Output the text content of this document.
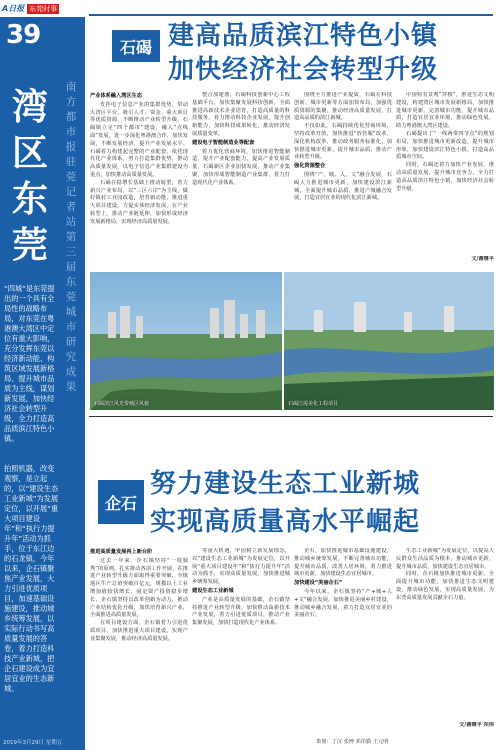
A日报 东莞时事
39
湾
区
东
莞
南方都市报驻莞记者站第三届东莞城市研究成果
“四城”是东莞提出的一个具有全局性的战略布局，对东莞在粤港澳大湾区中定位有重大影响，充分发挥东莞以经济新动能、构筑区域发展新格局、提升城市品质为主线，谋划新发展，加快经济社会转型升级，全力打造高品质滨江特色小镇。
拍照机器，改变观察，是立起的，以“建设生态工业新城”为发展定位，以开展“重大项目建设年”和“执行力提升年”活动为抓手，位于东江边的石龙镇，今年以来，企石镇聚焦产业发展，大力引进优质项目，加速基础设施建设，推动城乡统筹发展，以实际行动书写高质量发展的答卷，着力打造科技产业新城，把企石建设成为宜居宜业的生态新城。
2019年3月29日 星期五
石碣 建高品质滨江特色小镇
加快经济社会转型升级
产业体系融入湾区生态
发挥电子信息产业的集群优势，带动大湾区平台，吸引人才、资金、重大项目等优质资源，不断推动产业转型升级。石碣镇立足“四个都市”建设，融入“点线面”发展，进一步深化粤港澳合作，加快发展，不断发展经济，提升产业发展水平。石碣着力构建起完整的产业配套，依托现代化产业体系，努力打造集群优势，推动高质量发展，以电子信息产业集群建设为重点，加快推动高质量发展。
石碣在稳增长基础上推动转型，着力新兴产业布局，以“三区六岸”为主线，做好镇村工业园改造，培育新动能，推进重大项目建设，力促实体经济发展，在产业转型上，推动产业链延伸，加快形成经济发展新格局，实现经济高质量发展。
整合加速器，石碣科技创新中心工程基础平台，加快集聚发展科技创新，全面推进高新技术企业培育，打造高质量的科技服务，着力推动科技企业发展，提升创新能力，加快科技成果转化，推动经济发展质量变革。
建设电子智能制造业等配套
着力优化营商环境，加快推进智能制造，提升产业配套能力，提高产业发展质量，石碣新区企业加快发展，推动产业集聚，加快形成智能制造产业集群，着力打造现代化产业体系。
围绕全力推进产业提质，石碣在科技创新、城市更新等方面加快布局，加强优质资源的集聚，推动经济高质量发展，打造高品质的滨江新城。
不仅如此，石碣持续优化营商环境，坚持改革开放，加快推进“放管服”改革，深化机构改革，推动政务服务标准化，加快推进城市更新，提升城市品质，推动产业转型升级。
强化资源整合
围绕“产、城、人、文”融合发展，石碣大力推进城市更新，加快建设滨江新城，全面提升城市品质，推进产城融合发展，打造宜居宜业的现代化滨江新城。
中国特有景观“穿梭”，推进生态文明建设，构建湾区城市发展新格局，加快推进城市更新，完善城市功能，提升城市品质，打造宜居宜业环境，推动绿色发展，助力粤港澳大湾区建设。
石碣提出了“一线两带四节点”的规划布局，加快推进城市更新改造，提升城市形象，加快建设滨江特色小镇，打造高品质城市空间。
同时，石碣还着力加快产业发展，推动高质量发展，提升城市竞争力，全力打造高品质滨江特色小镇，加快经济社会转型升级。
文/谢继平
石碣滨江风光带城区风貌	石碣江堤美化工程项目
企石
努力建设生态工业新城
实现高质量高水平崛起
推进高质量发展再上新台阶
过去一年来，企石镇坚持“一枝独秀”的原则，扎实推动各项工作开展，在推进产业转型升级方面取得重要突破，全镇地区生产总值突破百亿元，规模以上工业增加值较快增长，固定资产投资稳步增长，企石镇坚持以改革创新为动力，推动产业结构优化升级，加快培育新兴产业，全面推进高质量发展。
在项目建设方面，企石镇着力引进优质项目，加快推进重大项目建设，实现产业集聚发展，推动经济高质量发展。
等重大机遇，牢固树立新发展理念，以“建设生态工业新城”为发展定位，以开展“重大项目建设年”和“执行力提升年”活动为抓手，实现高质量发展，加快推进城乡统筹发展。
建设生态工业新城
产业是高质量发展的基础，企石镇坚持推进产业转型升级，加快推动高新技术产业发展，着力引进优质项目，推动产业集聚发展，加快打造现代化产业体系。
企石，加快推进城市基础设施建设，推动城乡统筹发展，不断完善城市功能，提升城市品质，改善人居环境，着力推进城市更新，加快建设生态宜居城市。
加快建设“美丽企石”
今年以来，企石镇坚持“产+城+人+文”融合发展，加快推进美丽乡村建设，推动城乡融合发展，着力打造宜居宜业的美丽企石。
生态工业新城”为发展定位，以提高人民群众生活品质为根本，推动城市更新，提升城市品质，加快建设生态宜居城市。
同时，企石镇加快推进城市更新，全面提升城市功能，加快推进生态文明建设，推动绿色发展，实现高质量发展，为东莞高质量发展贡献企石力量。
文/谢继平 东伟
策划：丁汉 张博 邓伟勤 王元明
